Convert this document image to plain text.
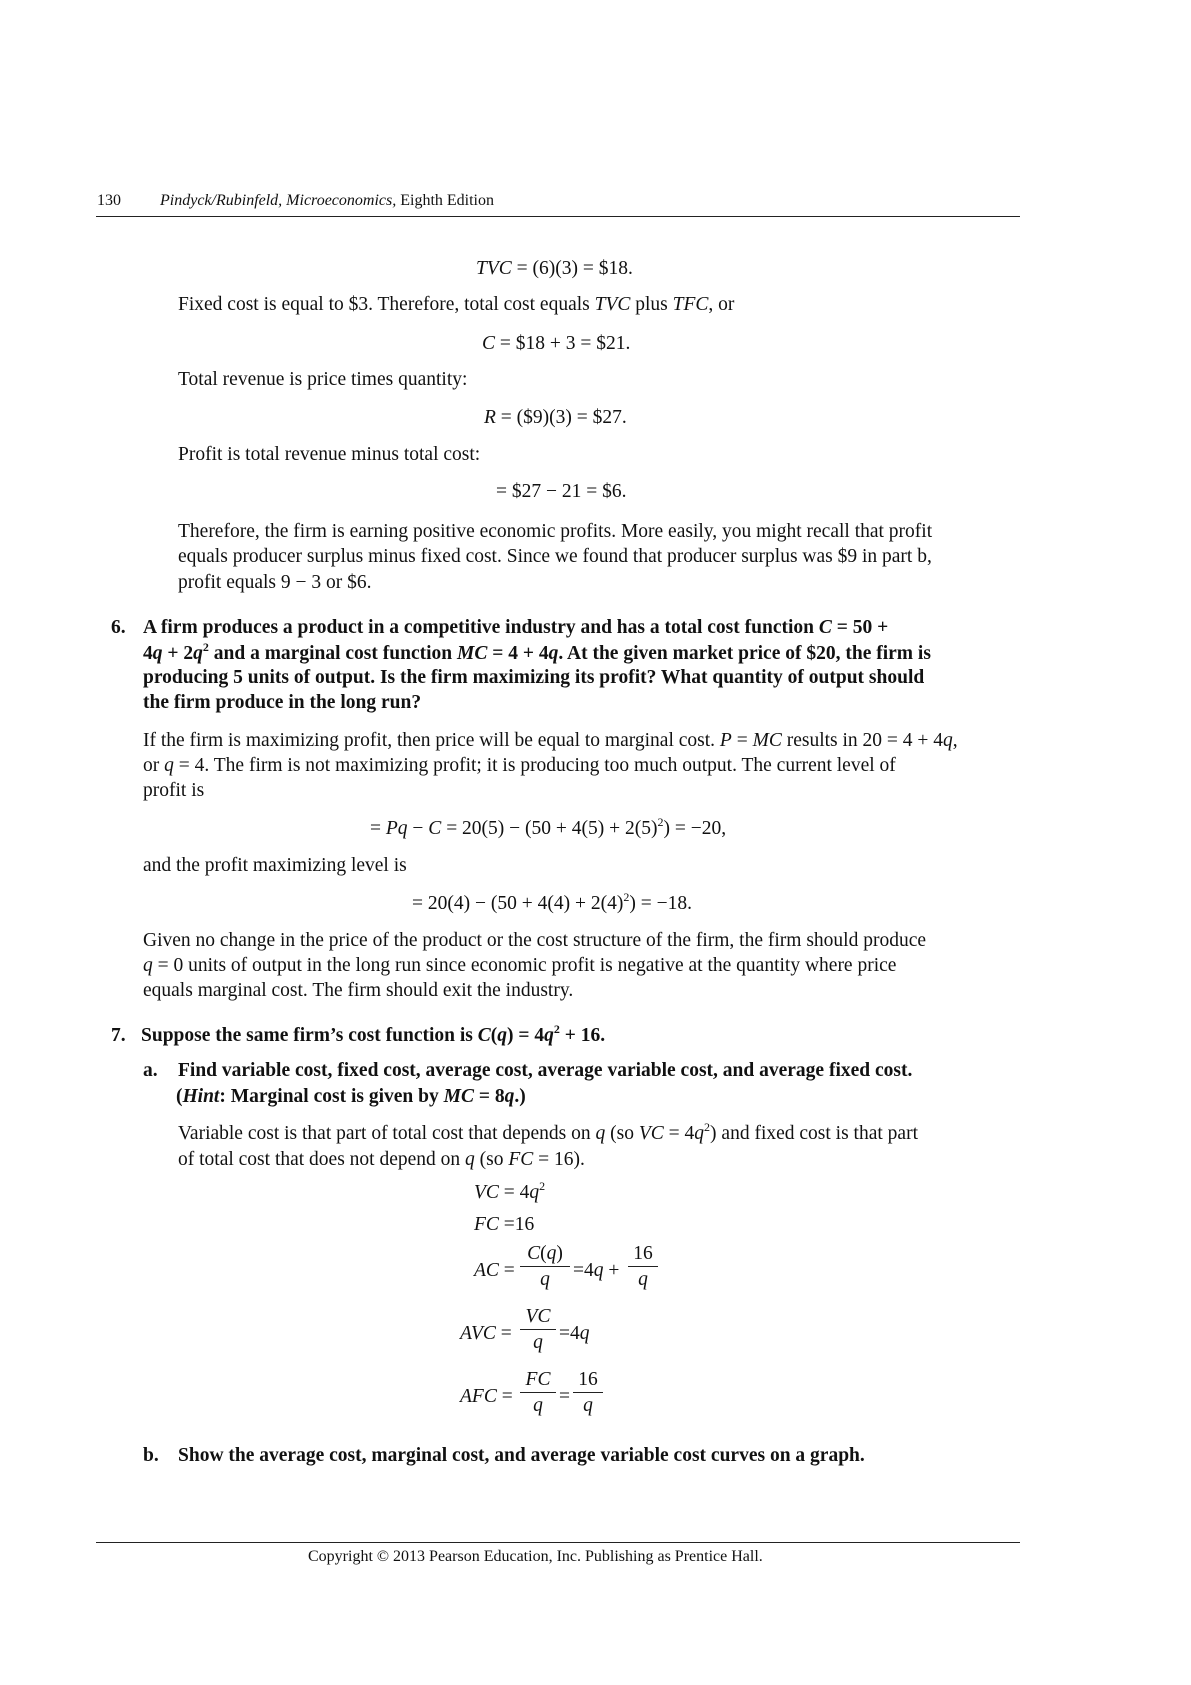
130 Pindyck/Rubinfeld, Microeconomics, Eighth Edition
TVC = (6)(3) = $18.
Fixed cost is equal to $3. Therefore, total cost equals TVC plus TFC, or
C = $18 + 3 = $21.
Total revenue is price times quantity:
R = ($9)(3) = $27.
Profit is total revenue minus total cost:
= $27 − 21 = $6.
Therefore, the firm is earning positive economic profits. More easily, you might recall that profit
equals producer surplus minus fixed cost. Since we found that producer surplus was $9 in part b,
profit equals 9 − 3 or $6.
6. A firm produces a product in a competitive industry and has a total cost function C = 50 +
$4q + 2q^2$ and a marginal cost function MC = 4 + 4q. At the given market price of $20, the firm is
producing 5 units of output. Is the firm maximizing its profit? What quantity of output should
the firm produce in the long run?
If the firm is maximizing profit, then price will be equal to marginal cost. P = MC results in 20 = 4 + 4q,
or q = 4. The firm is not maximizing profit; it is producing too much output. The current level of
profit is
= $Pq - C = 20(5) - (50 + 4(5) + 2(5)^2) = -20$,
and the profit maximizing level is
= $20(4) - (50 + 4(4) + 2(4)^2) = -18$.
Given no change in the price of the product or the cost structure of the firm, the firm should produce
q = 0 units of output in the long run since economic profit is negative at the quantity where price
equals marginal cost. The firm should exit the industry.
7. Suppose the same firm’s cost function is $C(q) = 4q^2 + 16$.
a. Find variable cost, fixed cost, average cost, average variable cost, and average fixed cost.
(Hint: Marginal cost is given by MC = 8q.)
Variable cost is that part of total cost that depends on q (so VC = $4q^2$) and fixed cost is that part
of total cost that does not depend on q (so FC = 16).
VC = $4q^2$
FC =16
AC = $\frac{C(q)}{q} =4q + \frac{16}{q}$
AVC = $\frac{VC}{q} =4q$
AFC = $\frac{FC}{q} = \frac{16}{q}$
b. Show the average cost, marginal cost, and average variable cost curves on a graph.
Copyright © 2013 Pearson Education, Inc. Publishing as Prentice Hall.
